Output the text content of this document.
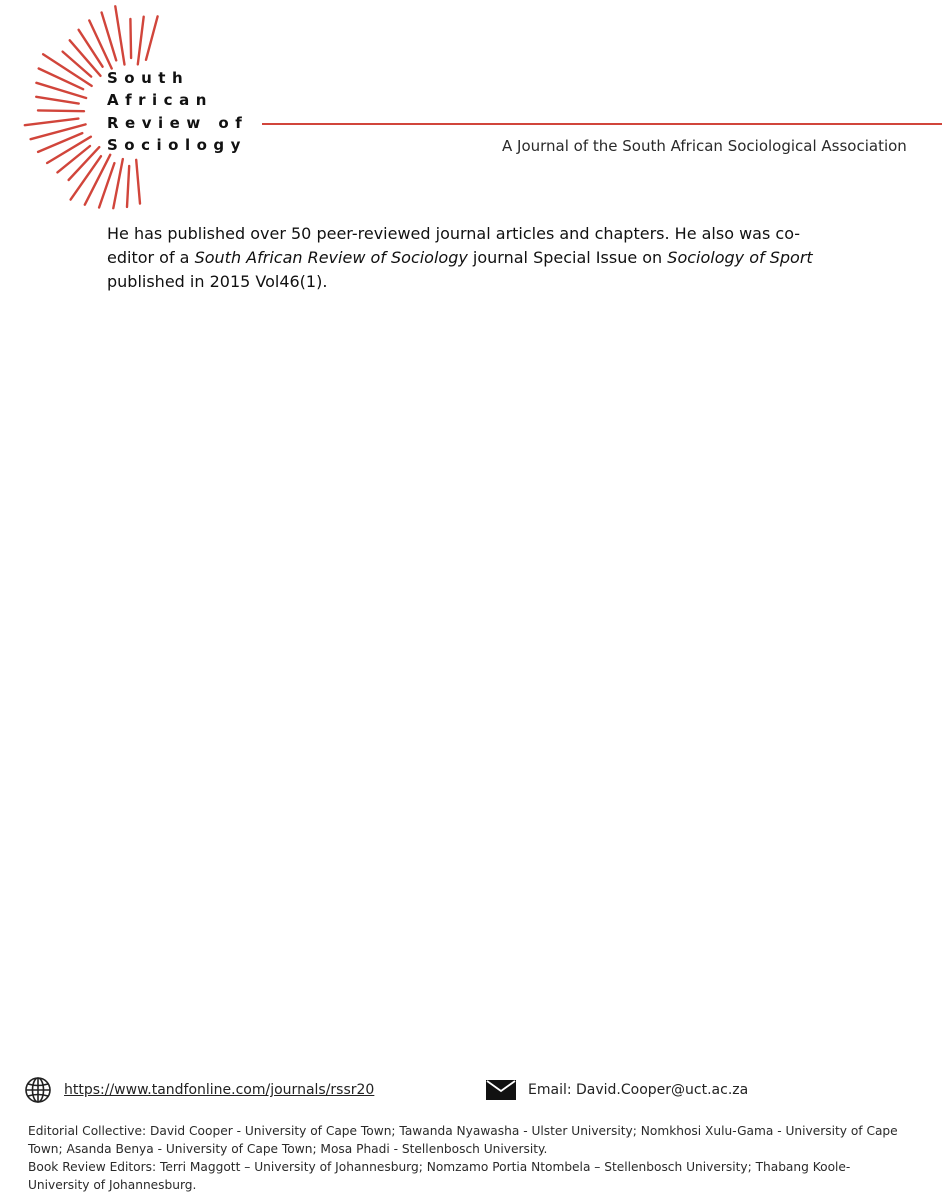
South
African
Review of
Sociology	A Journal of the South African Sociological Association
He has published over 50 peer-reviewed journal articles and chapters. He also was co-editor of a South African Review of Sociology journal Special Issue on Sociology of Sport published in 2015 Vol46(1).
https://www.tandfonline.com/journals/rssr20	Email: David.Cooper@uct.ac.za

Editorial Collective: David Cooper - University of Cape Town; Tawanda Nyawasha - Ulster University; Nomkhosi Xulu-Gama - University of Cape Town; Asanda Benya - University of Cape Town; Mosa Phadi - Stellenbosch University.

Book Review Editors: Terri Maggott – University of Johannesburg; Nomzamo Portia Ntombela – Stellenbosch University; Thabang Koole-University of Johannesburg.
